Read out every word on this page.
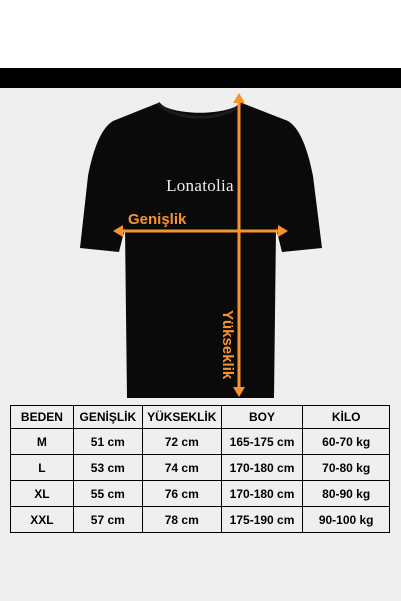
Lonatolia
Genişlik
Yükseklik
BEDEN	GENİŞLİK	YÜKSEKLİK	BOY	KİLO
M	51 cm	72 cm	165-175 cm	60-70 kg
L	53 cm	74 cm	170-180 cm	70-80 kg
XL	55 cm	76 cm	170-180 cm	80-90 kg
XXL	57 cm	78 cm	175-190 cm	90-100 kg
